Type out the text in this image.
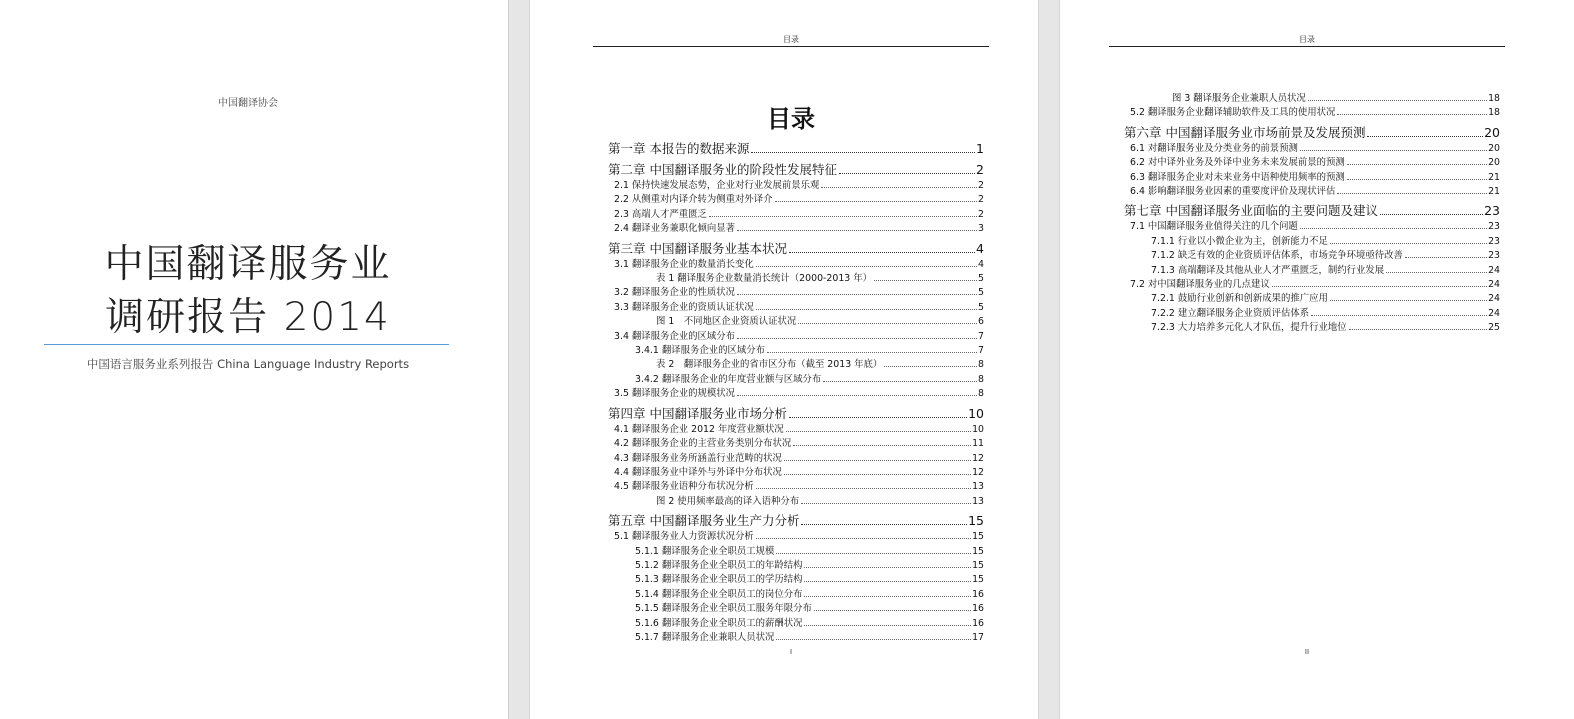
中国翻译协会
中国翻译服务业
调研报告 2014
中国语言服务业系列报告 China Language Industry Reports
目录
目录
第一章 本报告的数据来源	1
第二章 中国翻译服务业的阶段性发展特征	2
2.1 保持快速发展态势，企业对行业发展前景乐观	2
2.2 从侧重对内译介转为侧重对外译介	2
2.3 高端人才严重匮乏	2
2.4 翻译业务兼职化倾向显著	3
第三章 中国翻译服务业基本状况	4
3.1 翻译服务企业的数量消长变化	4
表 1 翻译服务企业数量消长统计（2000-2013 年）	5
3.2 翻译服务企业的性质状况	5
3.3 翻译服务企业的资质认证状况	5
图 1　不同地区企业资质认证状况	6
3.4 翻译服务企业的区域分布	7
3.4.1 翻译服务企业的区域分布	7
表 2　翻译服务企业的省市区分布（截至 2013 年底）	8
3.4.2 翻译服务企业的年度营业额与区域分布	8
3.5 翻译服务企业的规模状况	8
第四章 中国翻译服务业市场分析	10
4.1 翻译服务企业 2012 年度营业额状况	10
4.2 翻译服务企业的主营业务类别分布状况	11
4.3 翻译服务业务所涵盖行业范畴的状况	12
4.4 翻译服务业中译外与外译中分布状况	12
4.5 翻译服务业语种分布状况分析	13
图 2 使用频率最高的译入语种分布	13
第五章 中国翻译服务业生产力分析	15
5.1 翻译服务业人力资源状况分析	15
5.1.1 翻译服务企业全职员工规模	15
5.1.2 翻译服务企业全职员工的年龄结构	15
5.1.3 翻译服务企业全职员工的学历结构	15
5.1.4 翻译服务企业全职员工的岗位分布	16
5.1.5 翻译服务企业全职员工服务年限分布	16
5.1.6 翻译服务企业全职员工的薪酬状况	16
5.1.7 翻译服务企业兼职人员状况	17
I
目录
图 3 翻译服务企业兼职人员状况	18
5.2 翻译服务企业翻译辅助软件及工具的使用状况	18
第六章 中国翻译服务业市场前景及发展预测	20
6.1 对翻译服务业及分类业务的前景预测	20
6.2 对中译外业务及外译中业务未来发展前景的预测	20
6.3 翻译服务企业对未来业务中语种使用频率的预测	21
6.4 影响翻译服务业因素的重要度评价及现状评估	21
第七章 中国翻译服务业面临的主要问题及建议	23
7.1 中国翻译服务业值得关注的几个问题	23
7.1.1 行业以小微企业为主，创新能力不足	23
7.1.2 缺乏有效的企业资质评估体系，市场竞争环境亟待改善	23
7.1.3 高端翻译及其他从业人才严重匮乏，制约行业发展	24
7.2 对中国翻译服务业的几点建议	24
7.2.1 鼓励行业创新和创新成果的推广应用	24
7.2.2 建立翻译服务企业资质评估体系	24
7.2.3 大力培养多元化人才队伍，提升行业地位	25
II
